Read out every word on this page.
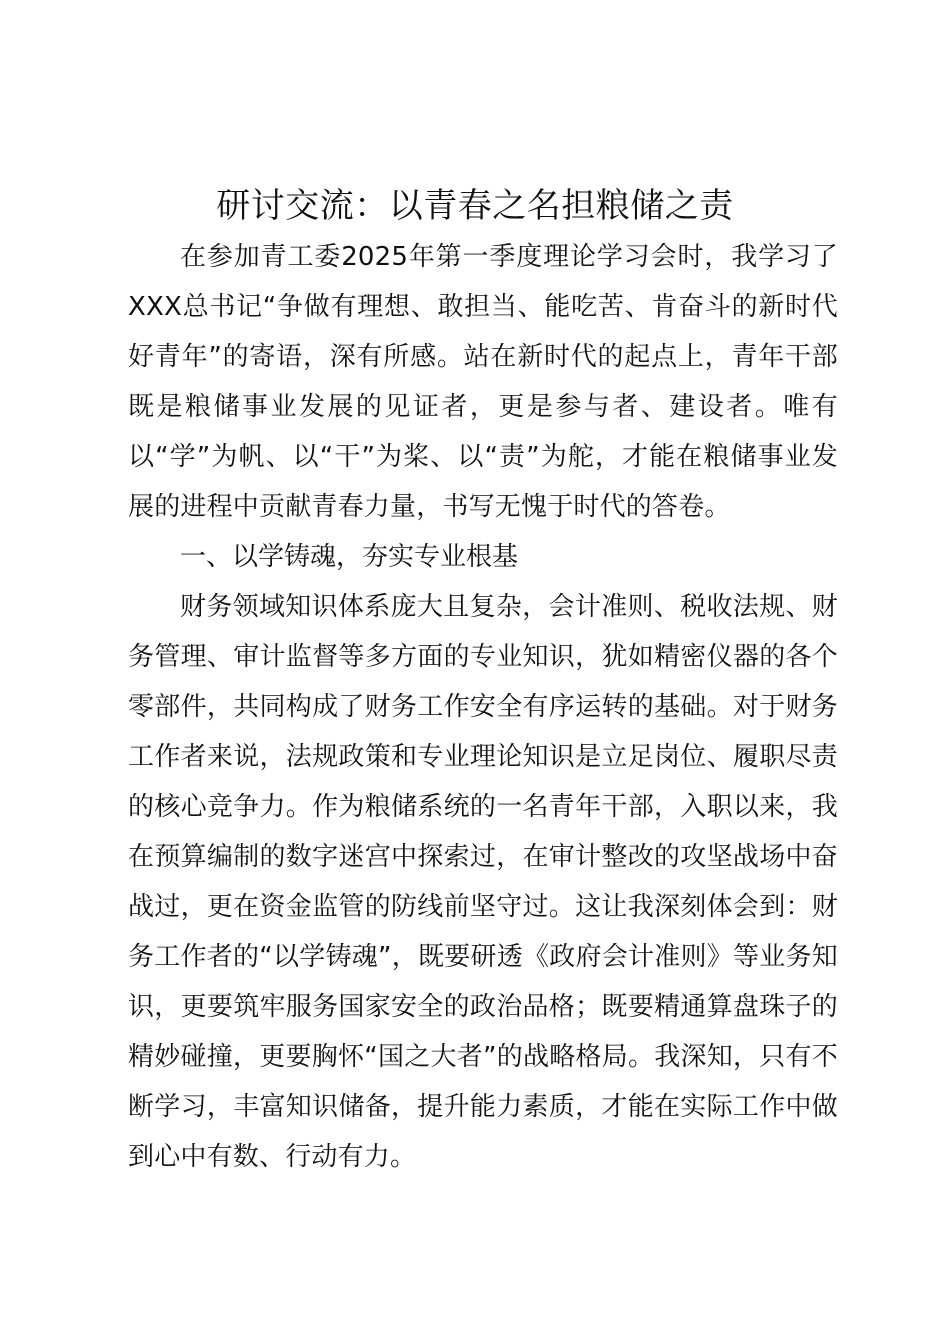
研讨交流：以青春之名担粮储之责

在参加青工委2025年第一季度理论学习会时，我学习了XXX总书记“争做有理想、敢担当、能吃苦、肯奋斗的新时代好青年”的寄语，深有所感。站在新时代的起点上，青年干部既是粮储事业发展的见证者，更是参与者、建设者。唯有以“学”为帆、以“干”为桨、以“责”为舵，才能在粮储事业发展的进程中贡献青春力量，书写无愧于时代的答卷。

一、以学铸魂，夯实专业根基

财务领域知识体系庞大且复杂，会计准则、税收法规、财务管理、审计监督等多方面的专业知识，犹如精密仪器的各个零部件，共同构成了财务工作安全有序运转的基础。对于财务工作者来说，法规政策和专业理论知识是立足岗位、履职尽责的核心竞争力。作为粮储系统的一名青年干部，入职以来，我在预算编制的数字迷宫中探索过，在审计整改的攻坚战场中奋战过，更在资金监管的防线前坚守过。这让我深刻体会到：财务工作者的“以学铸魂”，既要研透《政府会计准则》等业务知识，更要筑牢服务国家安全的政治品格；既要精通算盘珠子的精妙碰撞，更要胸怀“国之大者”的战略格局。我深知，只有不断学习，丰富知识储备，提升能力素质，才能在实际工作中做到心中有数、行动有力。
